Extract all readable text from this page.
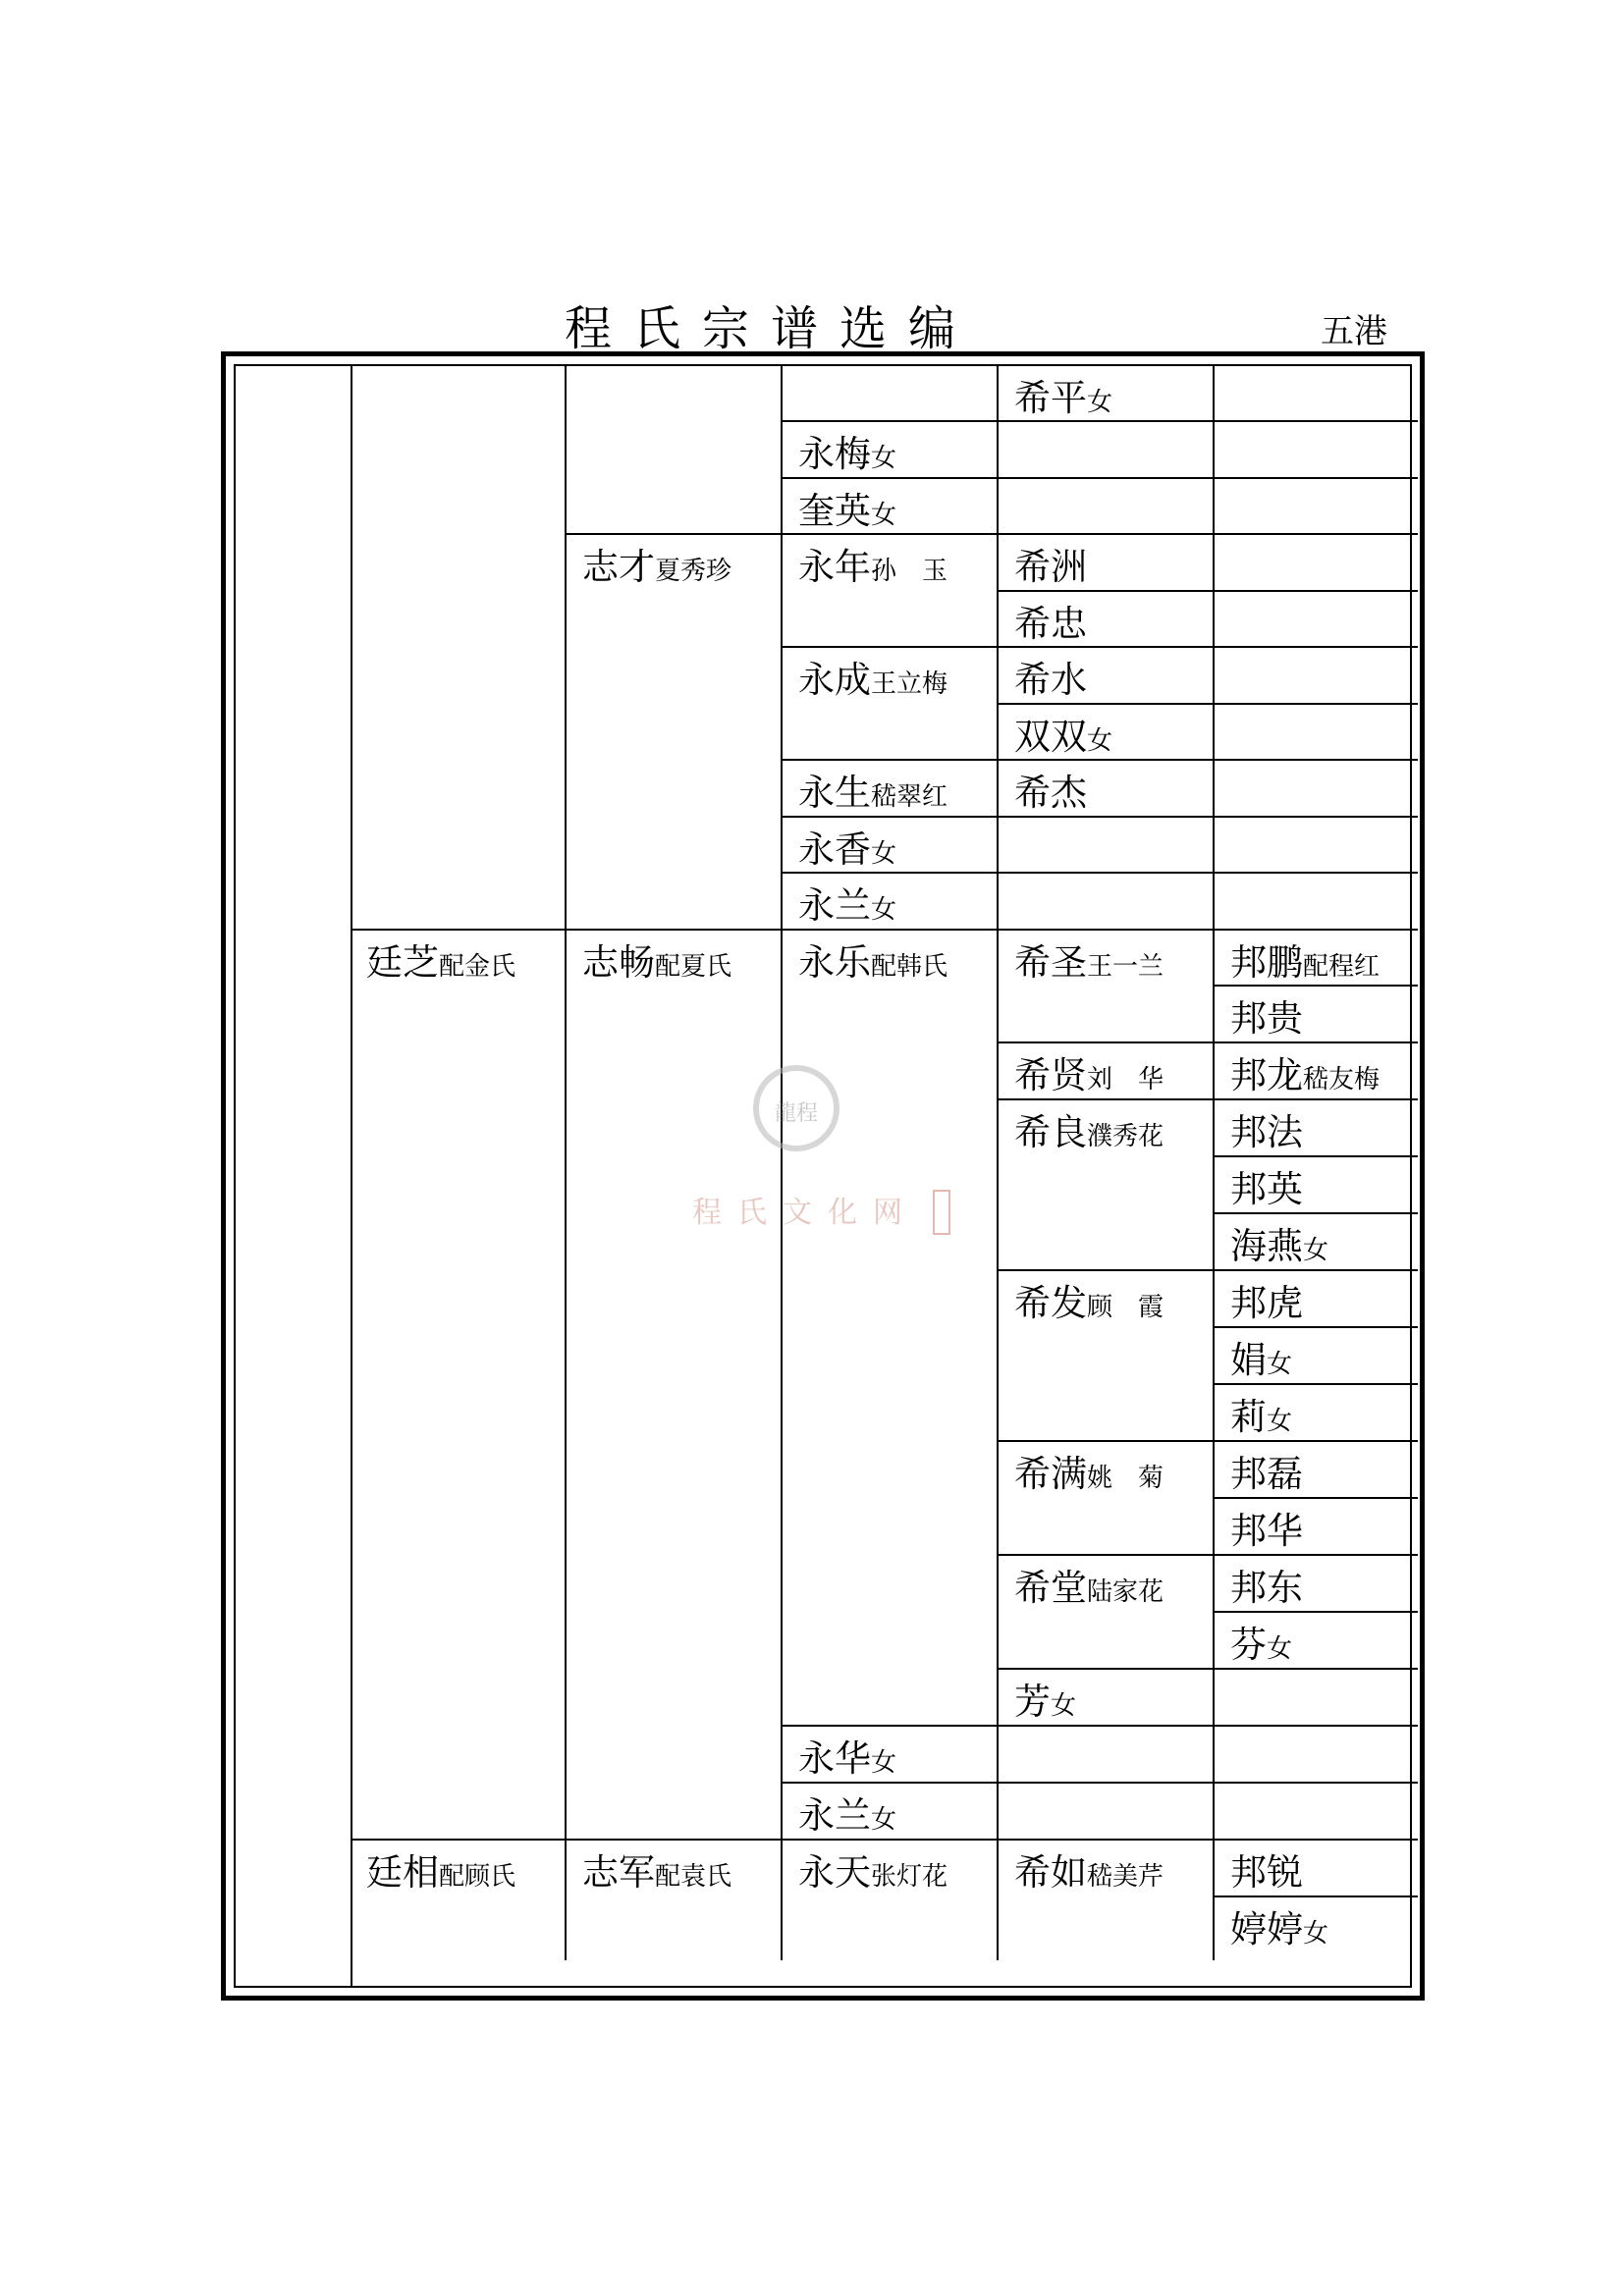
程氏宗谱选编	五港
廷芝配金氏
廷相配顾氏
志才夏秀珍
志畅配夏氏
志军配袁氏
永梅女
奎英女
永年孙　玉
永成王立梅
永生嵇翠红
永香女
永兰女
永乐配韩氏
永华女
永兰女
永天张灯花
希平女
希洲
希忠
希水
双双女
希杰
希圣王一兰
希贤刘　华
希良濮秀花
希发顾　霞
希满姚　菊
希堂陆家花
芳女
希如嵇美芹
邦鹏配程红
邦贵
邦龙嵇友梅
邦法
邦英
海燕女
邦虎
娟女
莉女
邦磊
邦华
邦东
芬女
邦锐
婷婷女
龍程
程氏文化网
